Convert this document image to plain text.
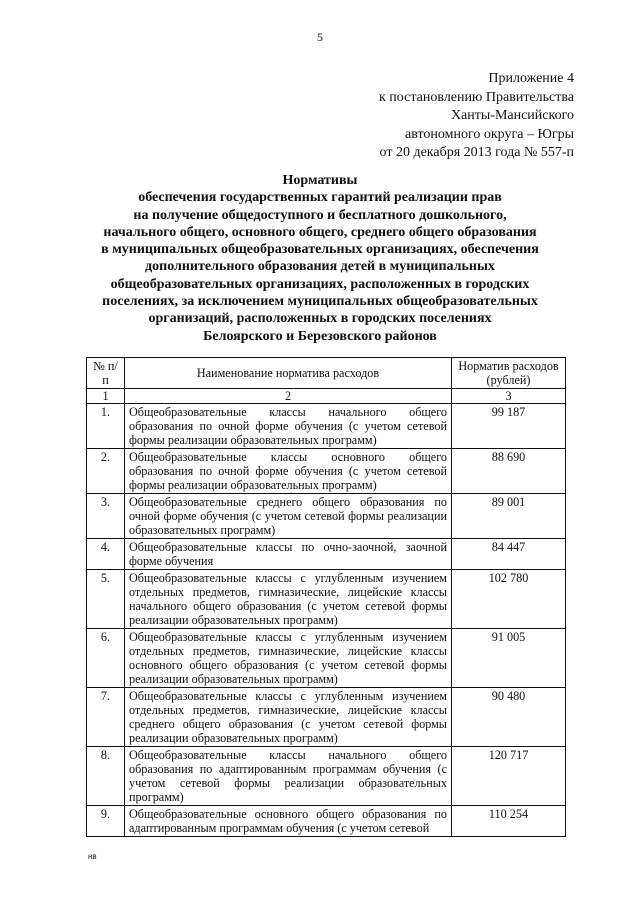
5
Приложение 4
к постановлению Правительства
Ханты-Мансийского
автономного округа – Югры
от 20 декабря 2013 года № 557-п
Нормативы
обеспечения государственных гарантий реализации прав
на получение общедоступного и бесплатного дошкольного,
начального общего, основного общего, среднего общего образования
в муниципальных общеобразовательных организациях, обеспечения
дополнительного образования детей в муниципальных
общеобразовательных организациях, расположенных в городских
поселениях, за исключением муниципальных общеобразовательных
организаций, расположенных в городских поселениях
Белоярского и Березовского районов
№ п/п	Наименование норматива расходов	Норматив расходов (рублей)
1	2	3
1.	Общеобразовательные классы начального общего образования по очной форме обучения (с учетом сетевой формы реализации образовательных программ)	99 187
2.	Общеобразовательные классы основного общего образования по очной форме обучения (с учетом сетевой формы реализации образовательных программ)	88 690
3.	Общеобразовательные среднего общего образования по очной форме обучения (с учетом сетевой формы реализации образовательных программ)	89 001
4.	Общеобразовательные классы по очно-заочной, заочной форме обучения	84 447
5.	Общеобразовательные классы с углубленным изучением отдельных предметов, гимназические, лицейские классы начального общего образования (с учетом сетевой формы реализации образовательных программ)	102 780
6.	Общеобразовательные классы с углубленным изучением отдельных предметов, гимназические, лицейские классы основного общего образования (с учетом сетевой формы реализации образовательных программ)	91 005
7.	Общеобразовательные классы с углубленным изучением отдельных предметов, гимназические, лицейские классы среднего общего образования (с учетом сетевой формы реализации образовательных программ)	90 480
8.	Общеобразовательные классы начального общего образования по адаптированным программам обучения (с учетом сетевой формы реализации образовательных программ)	120 717
9.	Общеобразовательные основного общего образования по адаптированным программам обучения (с учетом сетевой	110 254
нв
